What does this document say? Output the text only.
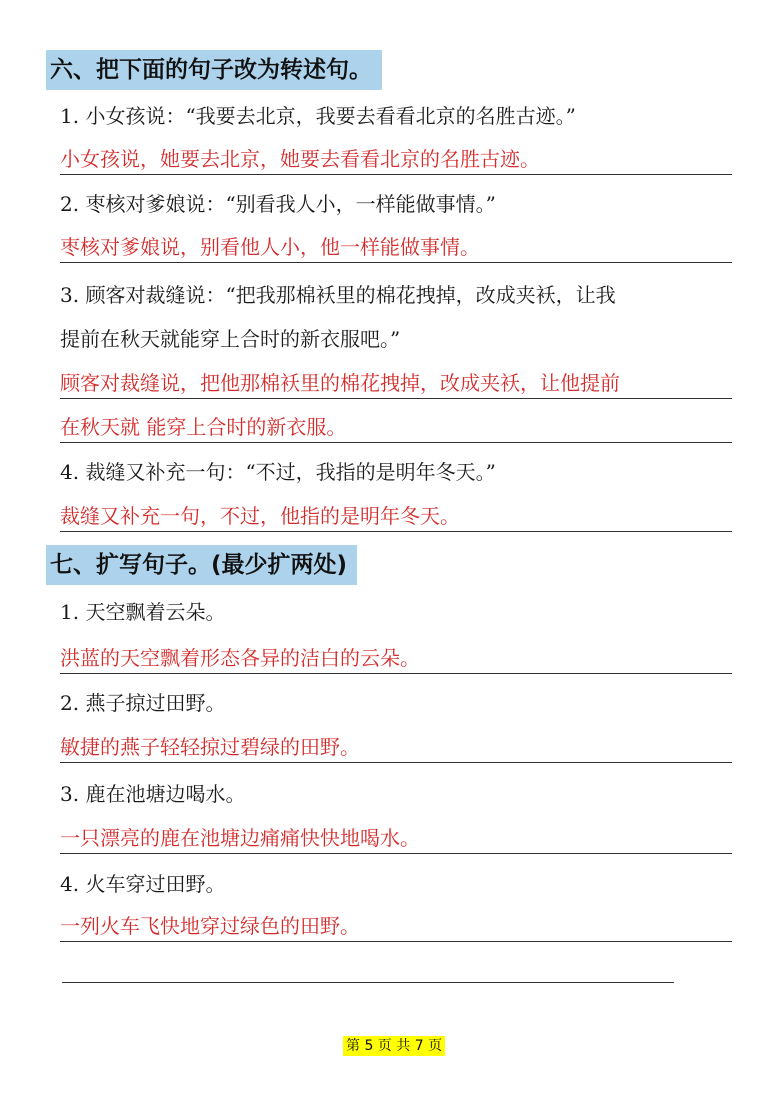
六、把下面的句子改为转述句。
1. 小女孩说：“我要去北京，我要去看看北京的名胜古迹。”
小女孩说，她要去北京，她要去看看北京的名胜古迹。
2. 枣核对爹娘说：“别看我人小，一样能做事情。”
枣核对爹娘说，别看他人小，他一样能做事情。
3. 顾客对裁缝说：“把我那棉袄里的棉花拽掉，改成夹袄，让我
提前在秋天就能穿上合时的新衣服吧。”
顾客对裁缝说，把他那棉袄里的棉花拽掉，改成夹袄，让他提前
在秋天就 能穿上合时的新衣服。
4. 裁缝又补充一句：“不过，我指的是明年冬天。”
裁缝又补充一句，不过，他指的是明年冬天。
七、扩写句子。(最少扩两处)
1. 天空飘着云朵。
洪蓝的天空飘着形态各异的洁白的云朵。
2. 燕子掠过田野。
敏捷的燕子轻轻掠过碧绿的田野。
3. 鹿在池塘边喝水。
一只漂亮的鹿在池塘边痛痛快快地喝水。
4. 火车穿过田野。
一列火车飞快地穿过绿色的田野。
第 5 页 共 7 页
